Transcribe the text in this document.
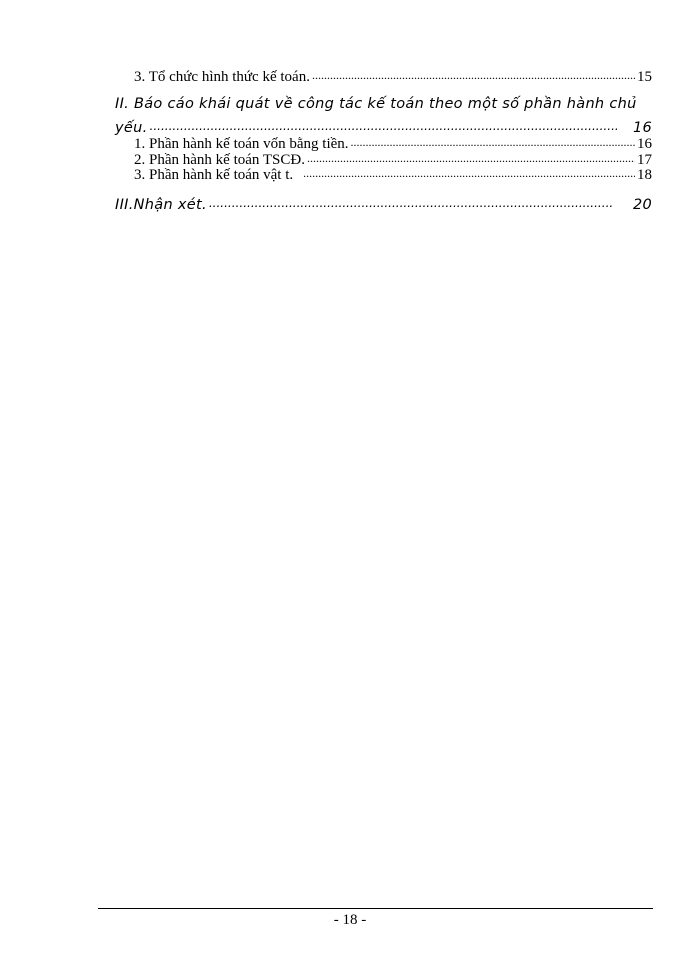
3. Tổ chức hình thức kế toán. .....	15
II. Báo cáo khái quát về công tác kế toán theo một số phần hành chủ
yếu. .....	16
1. Phần hành kế toán vốn bằng tiền. .....	16
2. Phần hành kế toán TSCĐ. .....	17
3. Phần hành kế toán vật t. .....	18
III.Nhận xét. .....	20
- 18 -
